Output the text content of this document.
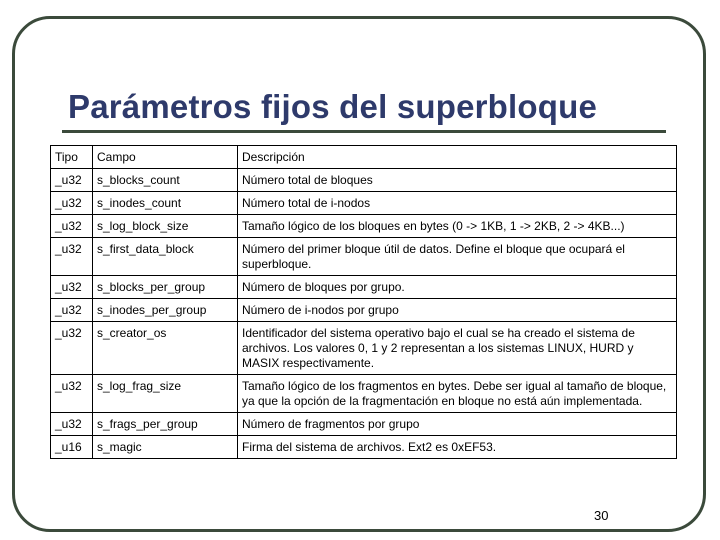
Parámetros fijos del superbloque
Tipo	Campo	Descripción
_u32	s_blocks_count	Número total de bloques
_u32	s_inodes_count	Número total de i-nodos
_u32	s_log_block_size	Tamaño lógico de los bloques en bytes (0 -> 1KB, 1 -> 2KB, 2 -> 4KB...)
_u32	s_first_data_block	Número del primer bloque útil de datos. Define el bloque que ocupará el superbloque.
_u32	s_blocks_per_group	Número de bloques por grupo.
_u32	s_inodes_per_group	Número de i-nodos por grupo
_u32	s_creator_os	Identificador del sistema operativo bajo el cual se ha creado el sistema de archivos. Los valores 0, 1 y 2 representan a los sistemas LINUX, HURD y MASIX respectivamente.
_u32	s_log_frag_size	Tamaño lógico de los fragmentos en bytes. Debe ser igual al tamaño de bloque, ya que la opción de la fragmentación en bloque no está aún implementada.
_u32	s_frags_per_group	Número de fragmentos por grupo
_u16	s_magic	Firma del sistema de archivos. Ext2 es 0xEF53.
30
